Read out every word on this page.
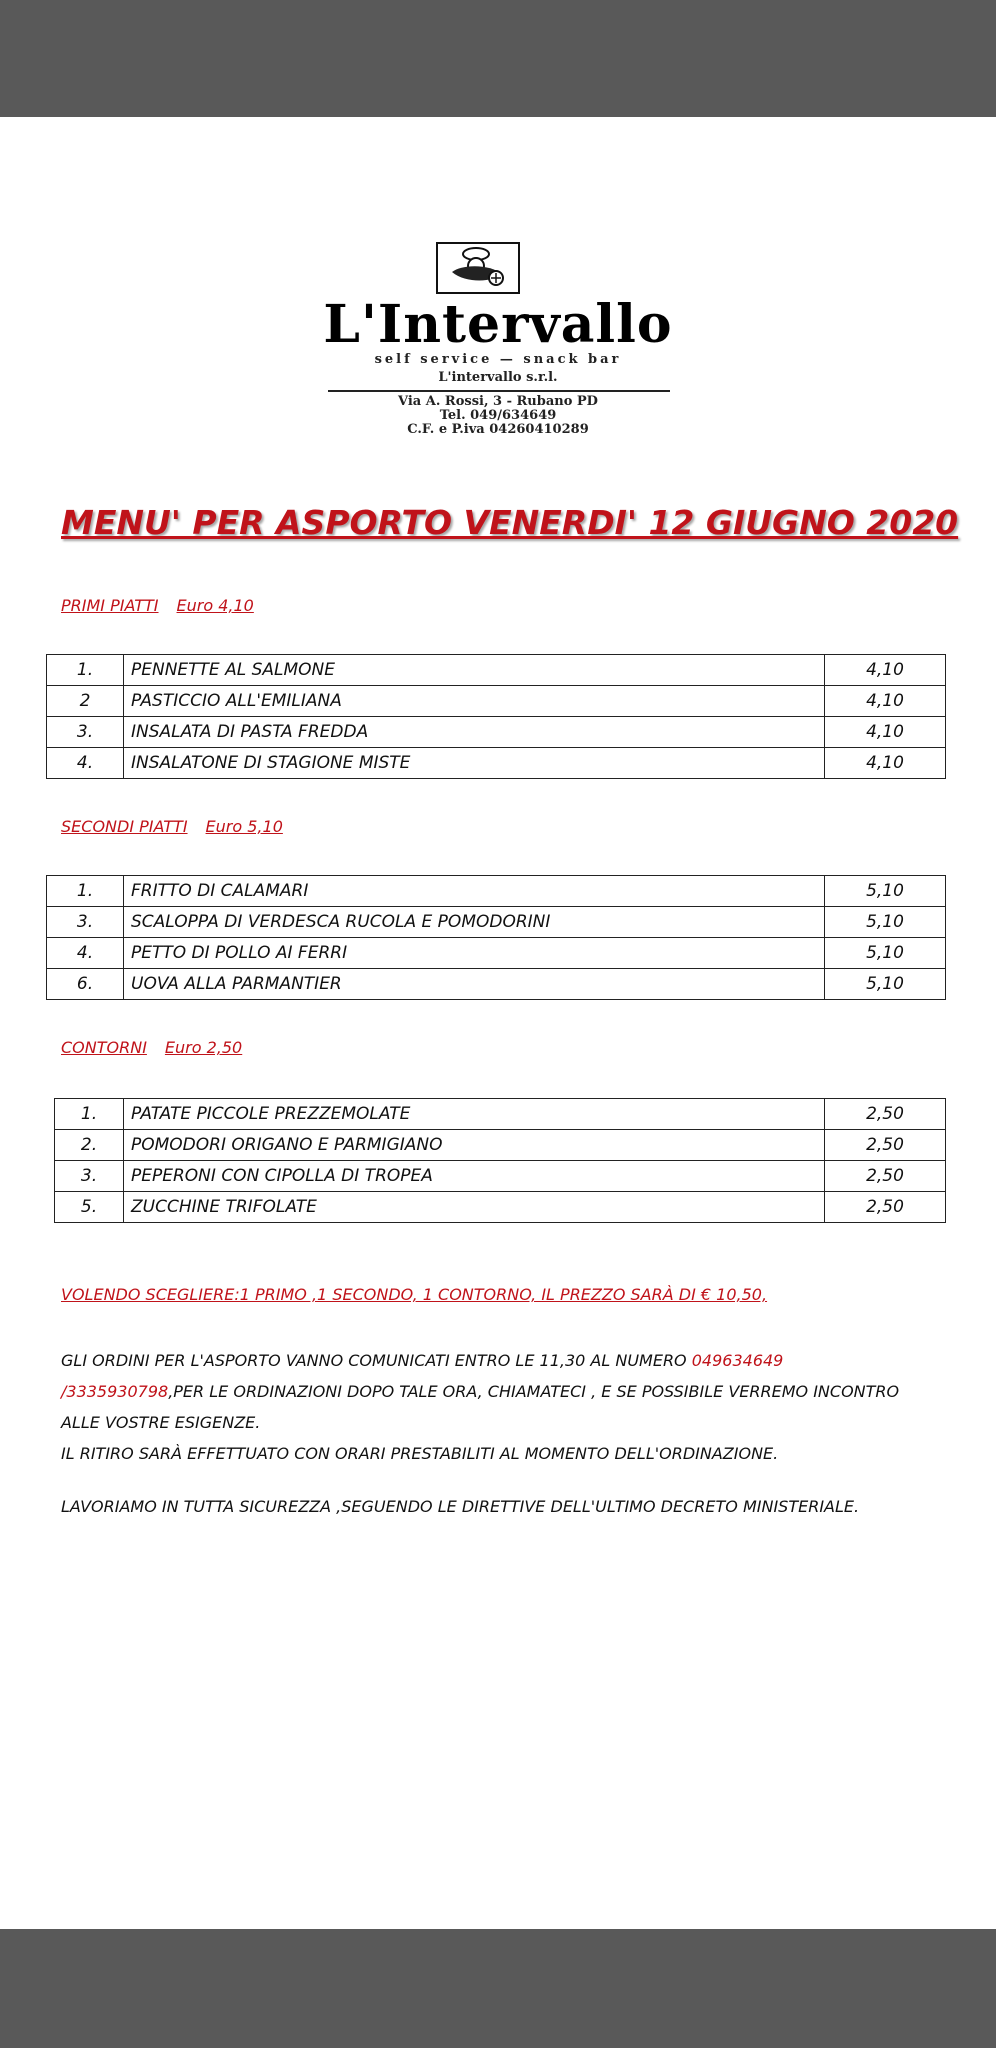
L'Intervallo
self service — snack bar
L'intervallo s.r.l.
Via A. Rossi, 3 - Rubano PD
Tel. 049/634649
C.F. e P.iva 04260410289
MENU' PER ASPORTO VENERDI' 12 GIUGNO 2020
PRIMI PIATTI Euro 4,10
1.	PENNETTE AL SALMONE	4,10
2	PASTICCIO ALL'EMILIANA	4,10
3.	INSALATA DI PASTA FREDDA	4,10
4.	INSALATONE DI STAGIONE MISTE	4,10
SECONDI PIATTI Euro 5,10
1.	FRITTO DI CALAMARI	5,10
3.	SCALOPPA DI VERDESCA RUCOLA E POMODORINI	5,10
4.	PETTO DI POLLO AI FERRI	5,10
6.	UOVA ALLA PARMANTIER	5,10
CONTORNI Euro 2,50
1.	PATATE PICCOLE PREZZEMOLATE	2,50
2.	POMODORI ORIGANO E PARMIGIANO	2,50
3.	PEPERONI CON CIPOLLA DI TROPEA	2,50
5.	ZUCCHINE TRIFOLATE	2,50
VOLENDO SCEGLIERE:1 PRIMO ,1 SECONDO, 1 CONTORNO, IL PREZZO SARÀ DI € 10,50,

GLI ORDINI PER L'ASPORTO VANNO COMUNICATI ENTRO LE 11,30 AL NUMERO 049634649

/3335930798,PER LE ORDINAZIONI DOPO TALE ORA, CHIAMATECI , E SE POSSIBILE VERREMO INCONTRO

ALLE VOSTRE ESIGENZE.

IL RITIRO SARÀ EFFETTUATO CON ORARI PRESTABILITI AL MOMENTO DELL'ORDINAZIONE.

LAVORIAMO IN TUTTA SICUREZZA ,SEGUENDO LE DIRETTIVE DELL'ULTIMO DECRETO MINISTERIALE.
